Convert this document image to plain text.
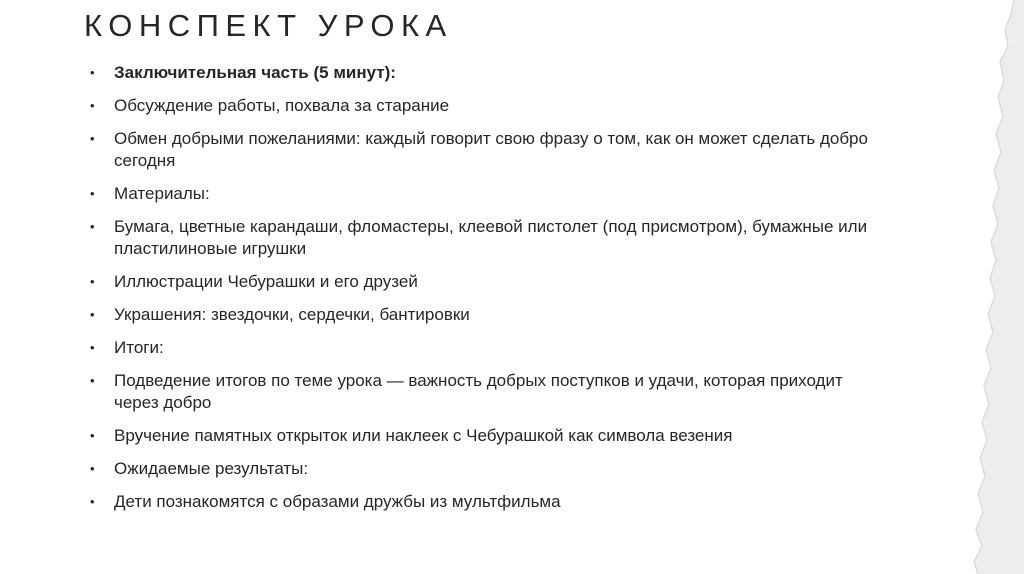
КОНСПЕКТ УРОКА
• Заключительная часть (5 минут):
• Обсуждение работы, похвала за старание
• Обмен добрыми пожеланиями: каждый говорит свою фразу о том, как он может сделать добро сегодня
• Материалы:
• Бумага, цветные карандаши, фломастеры, клеевой пистолет (под присмотром), бумажные или пластилиновые игрушки
• Иллюстрации Чебурашки и его друзей
• Украшения: звездочки, сердечки, бантировки
• Итоги:
• Подведение итогов по теме урока — важность добрых поступков и удачи, которая приходит через добро
• Вручение памятных открыток или наклеек с Чебурашкой как символа везения
• Ожидаемые результаты:
• Дети познакомятся с образами дружбы из мультфильма
